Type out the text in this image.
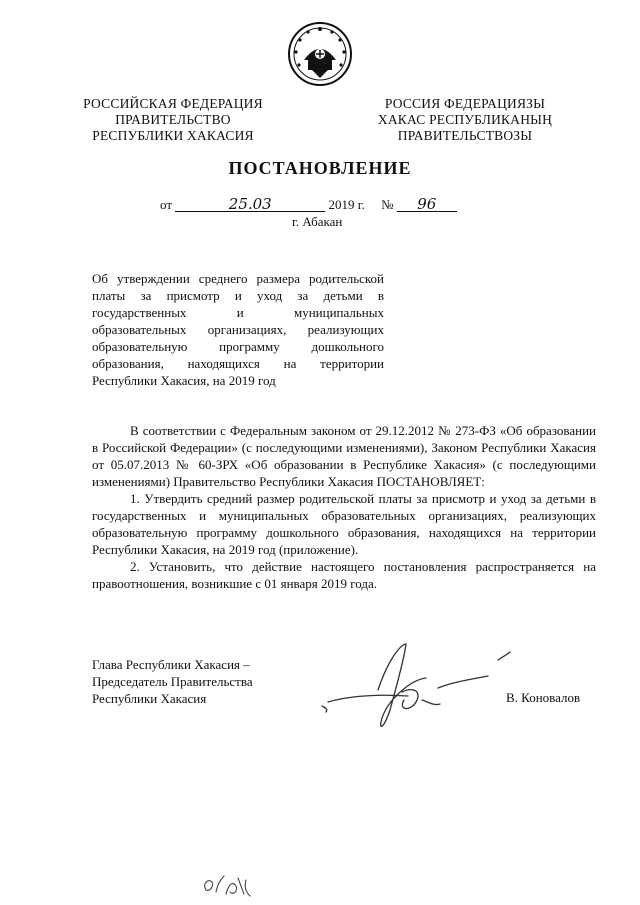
РОССИЙСКАЯ ФЕДЕРАЦИЯ
ПРАВИТЕЛЬСТВО
РЕСПУБЛИКИ ХАКАСИЯ
РОССИЯ ФЕДЕРАЦИЯЗЫ
ХАКАС РЕСПУБЛИКАНЫҢ
ПРАВИТЕЛЬСТВОЗЫ
ПОСТАНОВЛЕНИЕ
от	25.03	2019 г. № 96
г. Абакан
Об утверждении среднего размера родительской платы за присмотр и уход за детьми в государственных и муниципальных образовательных организациях, реализующих образовательную программу дошкольного образования, находящихся на территории Республики Хакасия, на 2019 год

В соответствии с Федеральным законом от 29.12.2012 № 273-ФЗ «Об образовании в Российской Федерации» (с последующими изменениями), Законом Республики Хакасия от 05.07.2013 № 60-ЗРХ «Об образовании в Республике Хакасия» (с последующими изменениями) Правительство Республики Хакасия ПОСТАНОВЛЯЕТ:

1. Утвердить средний размер родительской платы за присмотр и уход за детьми в государственных и муниципальных образовательных организациях, реализующих образовательную программу дошкольного образования, находящихся на территории Республики Хакасия, на 2019 год (приложение).

2. Установить, что действие настоящего постановления распространяется на правоотношения, возникшие с 01 января 2019 года.

Глава Республики Хакасия –
Председатель Правительства
Республики Хакасия	В. Коновалов
